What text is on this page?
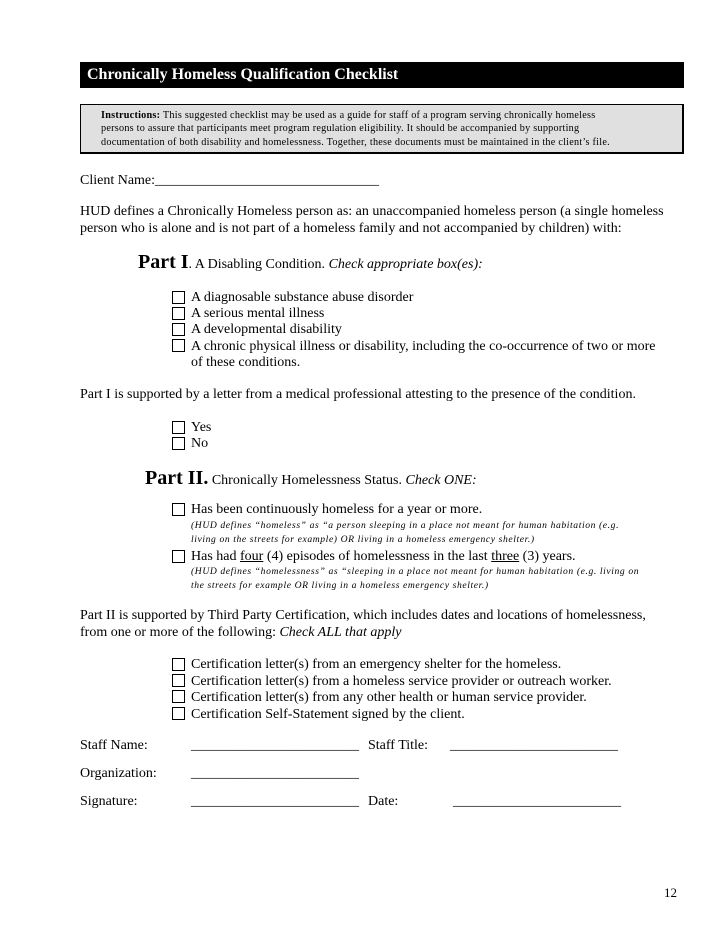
Chronically Homeless Qualification Checklist
Instructions: This suggested checklist may be used as a guide for staff of a program serving chronically homeless
persons to assure that participants meet program regulation eligibility. It should be accompanied by supporting
documentation of both disability and homelessness. Together, these documents must be maintained in the client’s file.
Client Name:________________________________
HUD defines a Chronically Homeless person as: an unaccompanied homeless person (a single homeless
person who is alone and is not part of a homeless family and not accompanied by children) with:
Part I. A Disabling Condition. Check appropriate box(es):
A diagnosable substance abuse disorder
A serious mental illness
A developmental disability
A chronic physical illness or disability, including the co-occurrence of two or more
of these conditions.
Part I is supported by a letter from a medical professional attesting to the presence of the condition.
Yes
No
Part II. Chronically Homelessness Status. Check ONE:
Has been continuously homeless for a year or more.
(HUD defines “homeless” as “a person sleeping in a place not meant for human habitation (e.g.
living on the streets for example) OR living in a homeless emergency shelter.)
Has had four (4) episodes of homelessness in the last three (3) years.
(HUD defines “homelessness” as “sleeping in a place not meant for human habitation (e.g. living on
the streets for example OR living in a homeless emergency shelter.)
Part II is supported by Third Party Certification, which includes dates and locations of homelessness,
from one or more of the following: Check ALL that apply
Certification letter(s) from an emergency shelter for the homeless.
Certification letter(s) from a homeless service provider or outreach worker.
Certification letter(s) from any other health or human service provider.
Certification Self-Statement signed by the client.
Staff Name:	________________________ Staff Title: ________________________
Organization: ________________________
Signature:	________________________ Date:	________________________
12
